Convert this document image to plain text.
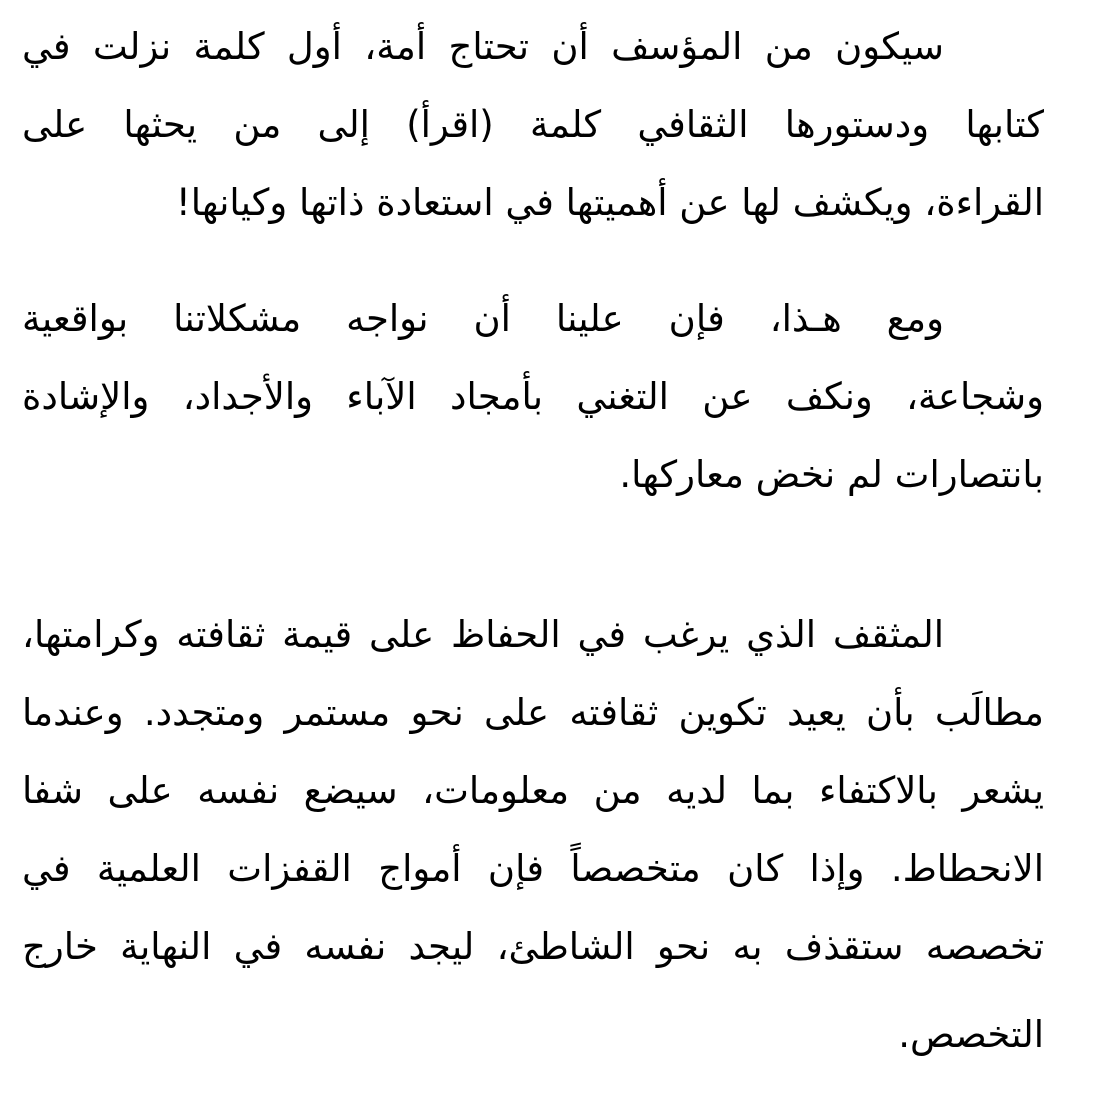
سيكون من المؤسف أن تحتاج أمة، أول كلمة نزلت في
كتابها ودستورها الثقافي كلمة (اقرأ) إلى من يحثها على
القراءة، ويكشف لها عن أهميتها في استعادة ذاتها وكيانها!
ومع هـذا، فإن علينا أن نواجه مشكلاتنا بواقعية
وشجاعة، ونكف عن التغني بأمجاد الآباء والأجداد، والإشادة
بانتصارات لم نخض معاركها.
المثقف الذي يرغب في الحفاظ على قيمة ثقافته وكرامتها،
مطالَب بأن يعيد تكوين ثقافته على نحو مستمر ومتجدد. وعندما
يشعر بالاكتفاء بما لديه من معلومات، سيضع نفسه على شفا
الانحطاط. وإذا كان متخصصاً فإن أمواج القفزات العلمية في
تخصصه ستقذف به نحو الشاطئ، ليجد نفسه في النهاية خارج
التخصص.
